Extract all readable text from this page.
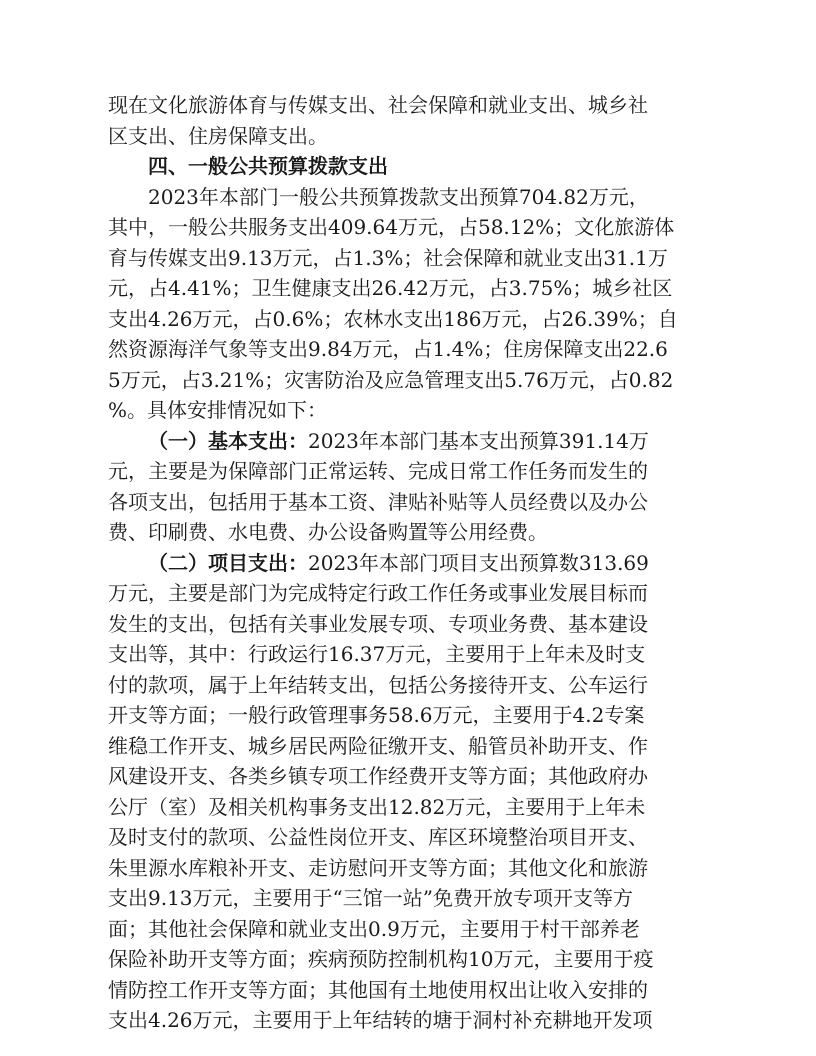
现在文化旅游体育与传媒支出、社会保障和就业支出、城乡社
区支出、住房保障支出。
四、一般公共预算拨款支出
2023年本部门一般公共预算拨款支出预算704.82万元，
其中，一般公共服务支出409.64万元，占58.12%；文化旅游体
育与传媒支出9.13万元，占1.3%；社会保障和就业支出31.1万
元，占4.41%；卫生健康支出26.42万元，占3.75%；城乡社区
支出4.26万元，占0.6%；农林水支出186万元，占26.39%；自
然资源海洋气象等支出9.84万元，占1.4%；住房保障支出22.6
5万元，占3.21%；灾害防治及应急管理支出5.76万元，占0.82
%。具体安排情况如下：
（一）基本支出：2023年本部门基本支出预算391.14万
元，主要是为保障部门正常运转、完成日常工作任务而发生的
各项支出，包括用于基本工资、津贴补贴等人员经费以及办公
费、印刷费、水电费、办公设备购置等公用经费。
（二）项目支出：2023年本部门项目支出预算数313.69
万元，主要是部门为完成特定行政工作任务或事业发展目标而
发生的支出，包括有关事业发展专项、专项业务费、基本建设
支出等，其中：行政运行16.37万元，主要用于上年未及时支
付的款项，属于上年结转支出，包括公务接待开支、公车运行
开支等方面；一般行政管理事务58.6万元，主要用于4.2专案
维稳工作开支、城乡居民两险征缴开支、船管员补助开支、作
风建设开支、各类乡镇专项工作经费开支等方面；其他政府办
公厅（室）及相关机构事务支出12.82万元，主要用于上年未
及时支付的款项、公益性岗位开支、库区环境整治项目开支、
朱里源水库粮补开支、走访慰问开支等方面；其他文化和旅游
支出9.13万元，主要用于“三馆一站”免费开放专项开支等方
面；其他社会保障和就业支出0.9万元，主要用于村干部养老
保险补助开支等方面；疾病预防控制机构10万元，主要用于疫
情防控工作开支等方面；其他国有土地使用权出让收入安排的
支出4.26万元，主要用于上年结转的塘于洞村补充耕地开发项
